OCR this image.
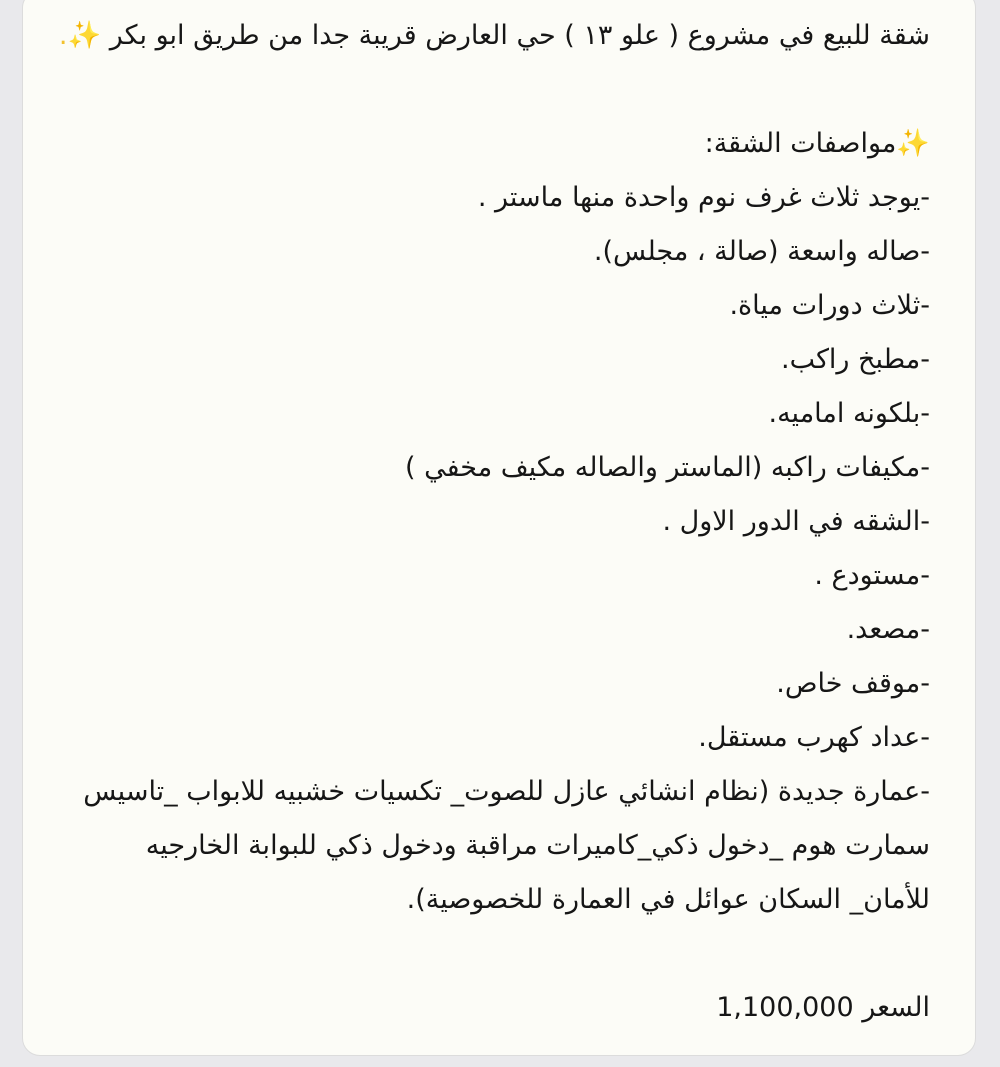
شقة للبيع في مشروع ( علو ١٣ ) حي العارض قريبة جدا من طريق ابو بكر ✨.
✨مواصفات الشقة:
-يوجد ثلاث غرف نوم واحدة منها ماستر .
-صاله واسعة (صالة ، مجلس).
-ثلاث دورات مياة.
-مطبخ راكب.
-بلكونه اماميه.
-مكيفات راكبه (الماستر والصاله مكيف مخفي )
-الشقه في الدور الاول .
-مستودع .
-مصعد.
-موقف خاص.
-عداد كهرب مستقل.
-عمارة جديدة (نظام انشائي عازل للصوت_ تكسيات خشبيه للابواب _تاسيس
سمارت هوم _دخول ذكي_كاميرات مراقبة ودخول ذكي للبوابة الخارجيه
للأمان_ السكان عوائل في العمارة للخصوصية).
السعر 1,100,000
